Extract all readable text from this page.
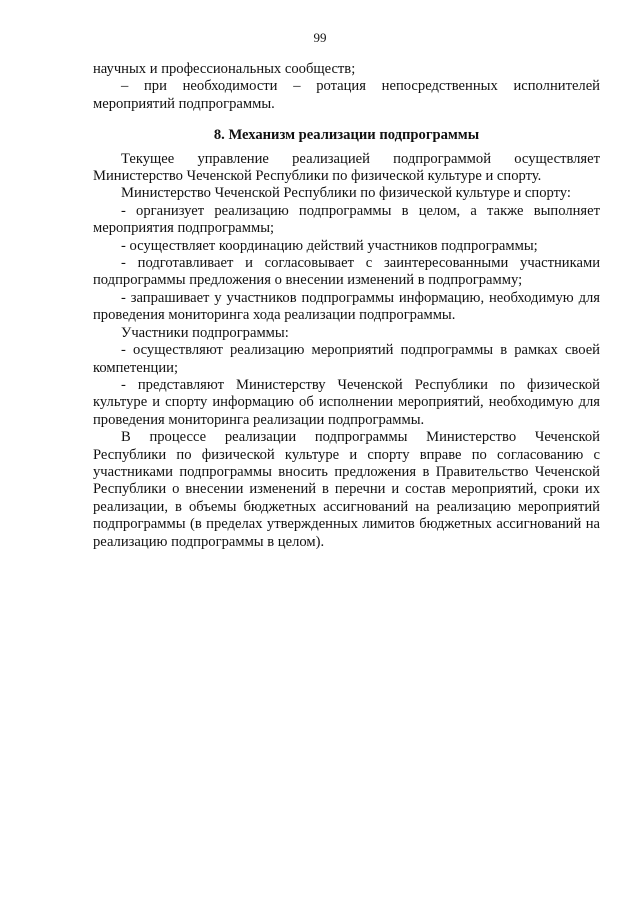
99

научных и профессиональных сообществ;

– при необходимости – ротация непосредственных исполнителей мероприятий подпрограммы.

8. Механизм реализации подпрограммы

Текущее управление реализацией подпрограммой осуществляет Министерство Чеченской Республики по физической культуре и спорту.

Министерство Чеченской Республики по физической культуре и спорту:

- организует реализацию подпрограммы в целом, а также выполняет мероприятия подпрограммы;

- осуществляет координацию действий участников подпрограммы;

- подготавливает и согласовывает с заинтересованными участниками подпрограммы предложения о внесении изменений в подпрограмму;

- запрашивает у участников подпрограммы информацию, необходимую для проведения мониторинга хода реализации подпрограммы.

Участники подпрограммы:

- осуществляют реализацию мероприятий подпрограммы в рамках своей компетенции;

- представляют Министерству Чеченской Республики по физической культуре и спорту информацию об исполнении мероприятий, необходимую для проведения мониторинга реализации подпрограммы.

В процессе реализации подпрограммы Министерство Чеченской Республики по физической культуре и спорту вправе по согласованию с участниками подпрограммы вносить предложения в Правительство Чеченской Республики о внесении изменений в перечни и состав мероприятий, сроки их реализации, в объемы бюджетных ассигнований на реализацию мероприятий подпрограммы (в пределах утвержденных лимитов бюджетных ассигнований на реализацию подпрограммы в целом).
